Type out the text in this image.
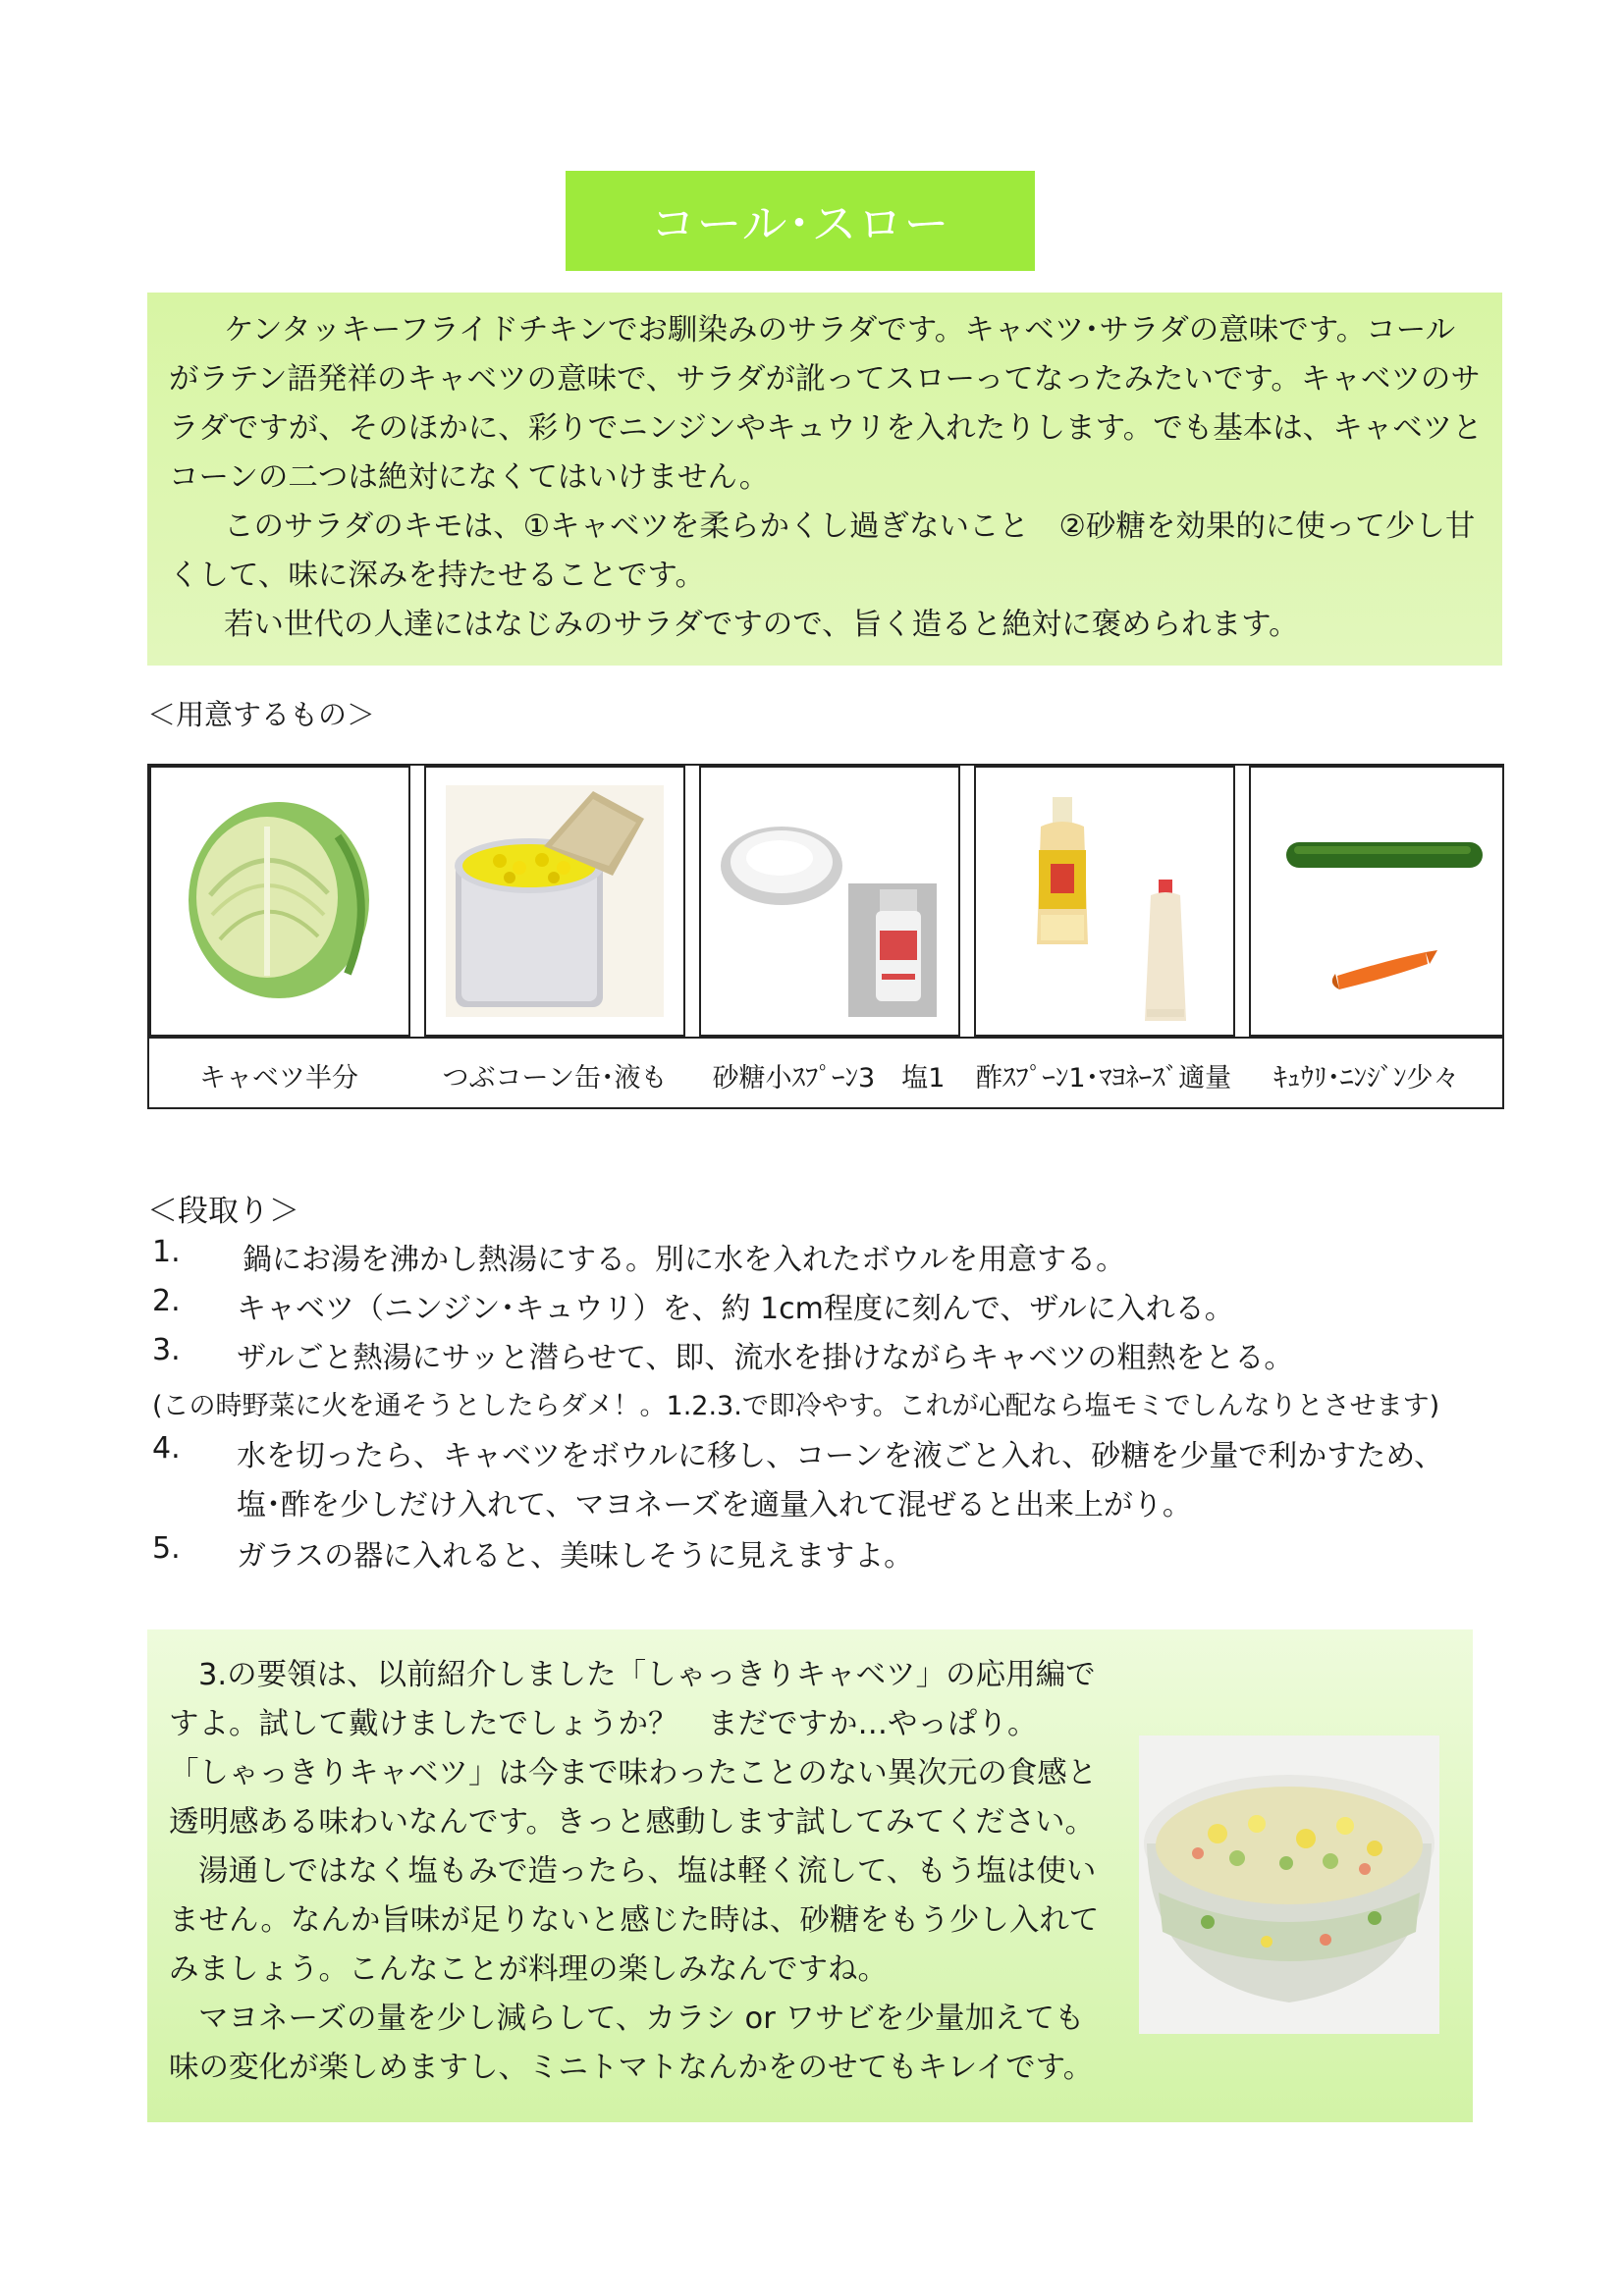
コール･スロー

ケンタッキーフライドチキンでお馴染みのサラダです。キャベツ･サラダの意味です。コールがラテン語発祥のキャベツの意味で、サラダが訛ってスローってなったみたいです。キャベツのサラダですが、そのほかに、彩りでニンジンやキュウリを入れたりします。でも基本は、キャベツとコーンの二つは絶対になくてはいけません。

このサラダのキモは、①キャベツを柔らかくし過ぎないこと　②砂糖を効果的に使って少し甘くして、味に深みを持たせることです。

若い世代の人達にはなじみのサラダですので、旨く造ると絶対に褒められます。

＜用意するもの＞
キャベツ半分	つぶコーン缶･液も	砂糖小ｽﾌﾟｰﾝ3　塩1	酢ｽﾌﾟｰﾝ1･ﾏﾖﾈｰｽﾞ適量	ｷｭｳﾘ･ﾆﾝｼﾞﾝ少々
＜段取り＞
1.	鍋にお湯を沸かし熱湯にする。別に水を入れたボウルを用意する。
2.	キャベツ（ニンジン･キュウリ）を、約 1cm程度に刻んで、ザルに入れる。
3.	ザルごと熱湯にサッと潜らせて、即、流水を掛けながらキャベツの粗熱をとる。
(この時野菜に火を通そうとしたらダメ！。1.2.3.で即冷やす。これが心配なら塩モミでしんなりとさせます)
4.	水を切ったら、キャベツをボウルに移し、コーンを液ごと入れ、砂糖を少量で利かすため、
塩･酢を少しだけ入れて、マヨネーズを適量入れて混ぜると出来上がり。
5.	ガラスの器に入れると、美味しそうに見えますよ。

3.の要領は、以前紹介しました「しゃっきりキャベツ」の応用編で

すよ。試して戴けましたでしょうか？　まだですか…やっぱり。

「しゃっきりキャベツ」は今まで味わったことのない異次元の食感と

透明感ある味わいなんです。きっと感動します試してみてください。

湯通しではなく塩もみで造ったら、塩は軽く流して、もう塩は使い

ません。なんか旨味が足りないと感じた時は、砂糖をもう少し入れて

みましょう。こんなことが料理の楽しみなんですね。

マヨネーズの量を少し減らして、カラシ or ワサビを少量加えても

味の変化が楽しめますし、ミニトマトなんかをのせてもキレイです。
